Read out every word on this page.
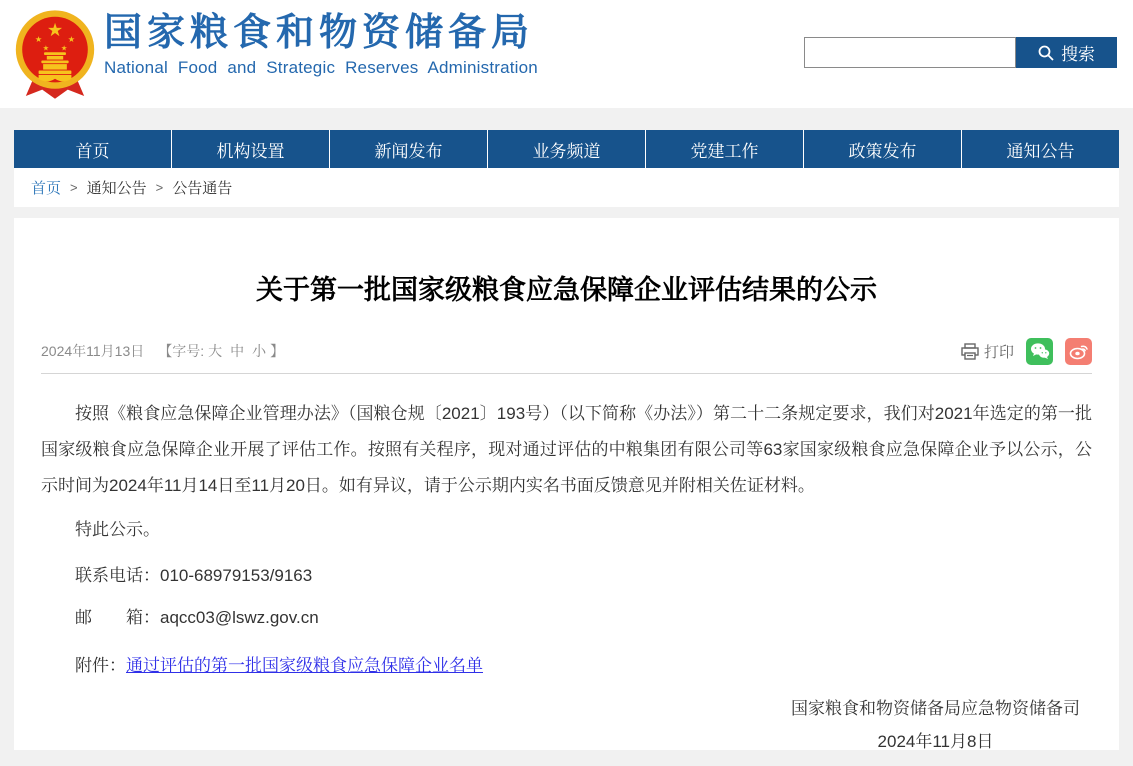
★
★	★
★ ★ 国家粮食和物资储备局
National Food and Strategic Reserves Administration
搜索
首页	机构设置	新闻发布	业务频道	党建工作	政策发布	通知公告
首页 > 通知公告 > 公告通告
关于第一批国家级粮食应急保障企业评估结果的公示
2024年11月13日 【字号: 大 中 小 】	打印

按照《粮食应急保障企业管理办法》（国粮仓规〔2021〕193号）（以下简称《办法》）第二十二条规定要求，我们对2021年选定的第一批国家级粮食应急保障企业开展了评估工作。按照有关程序，现对通过评估的中粮集团有限公司等63家国家级粮食应急保障企业予以公示，公示时间为2024年11月14日至11月20日。如有异议，请于公示期内实名书面反馈意见并附相关佐证材料。

特此公示。

联系电话：010-68979153/9163

邮　　箱：aqcc03@lswz.gov.cn

附件：通过评估的第一批国家级粮食应急保障企业名单

国家粮食和物资储备局应急物资储备司
2024年11月8日
